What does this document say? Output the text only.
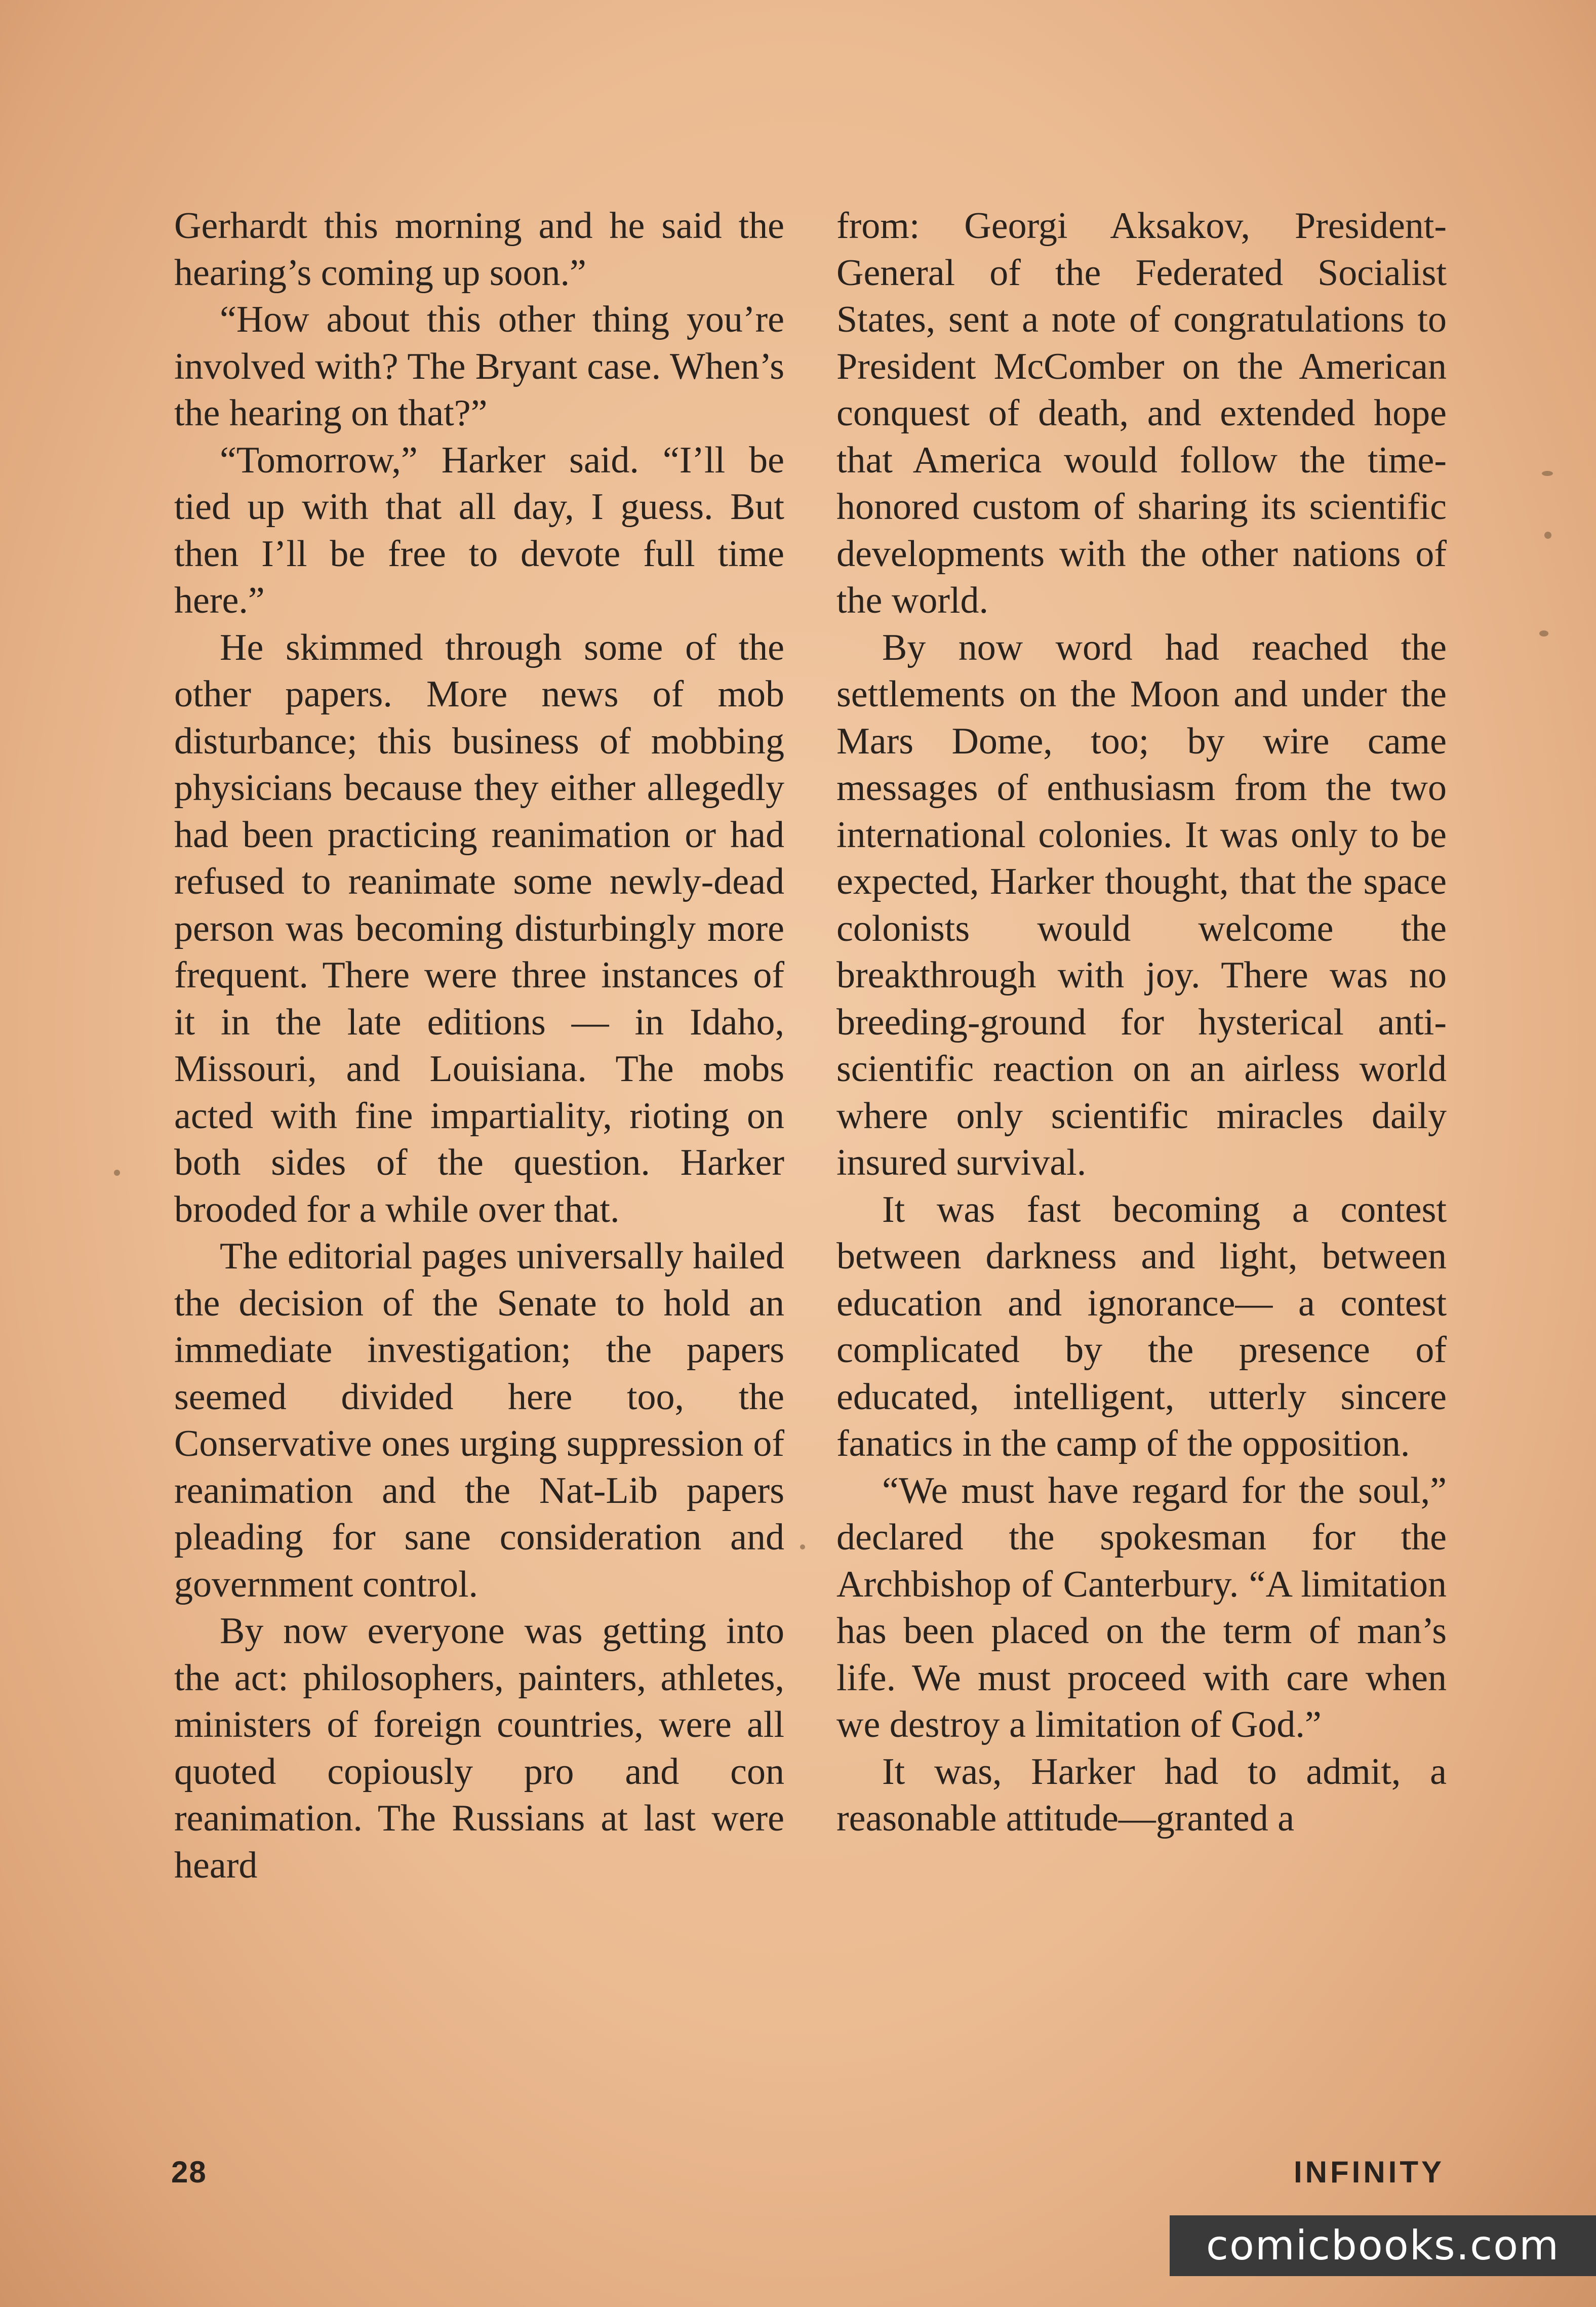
Gerhardt this morning and he said the hearing’s coming up soon.”

“How about this other thing you’re involved with? The Bryant case. When’s the hearing on that?”

“Tomorrow,” Harker said. “I’ll be tied up with that all day, I guess. But then I’ll be free to devote full time here.”

He skimmed through some of the other papers. More news of mob disturbance; this business of mobbing physicians because they either allegedly had been practicing reanimation or had refused to reanimate some newly-dead person was becoming disturbingly more frequent. There were three instances of it in the late editions — in Idaho, Missouri, and Louisiana. The mobs acted with fine impartiality, rioting on both sides of the question. Harker brooded for a while over that.

The editorial pages universally hailed the decision of the Senate to hold an immediate investigation; the papers seemed divided here too, the Conservative ones urging suppression of reanimation and the Nat-Lib papers pleading for sane consideration and government control.

By now everyone was getting into the act: philosophers, painters, athletes, ministers of foreign countries, were all quoted copiously pro and con reanimation. The Russians at last were heard

from: Georgi Aksakov, President-General of the Federated Socialist States, sent a note of congratulations to President McComber on the American conquest of death, and extended hope that America would follow the time-honored custom of sharing its scientific developments with the other nations of the world.

By now word had reached the settlements on the Moon and under the Mars Dome, too; by wire came messages of enthusiasm from the two international colonies. It was only to be expected, Harker thought, that the space colonists would welcome the breakthrough with joy. There was no breeding-ground for hysterical anti-scientific reaction on an airless world where only scientific miracles daily insured survival.

It was fast becoming a contest between darkness and light, between education and ignorance— a contest complicated by the presence of educated, intelligent, utterly sincere fanatics in the camp of the opposition.

“We must have regard for the soul,” declared the spokesman for the Archbishop of Canterbury. “A limitation has been placed on the term of man’s life. We must proceed with care when we destroy a limitation of God.”

It was, Harker had to admit, a reasonable attitude—granted a

28	INFINITY
comicbooks.com
